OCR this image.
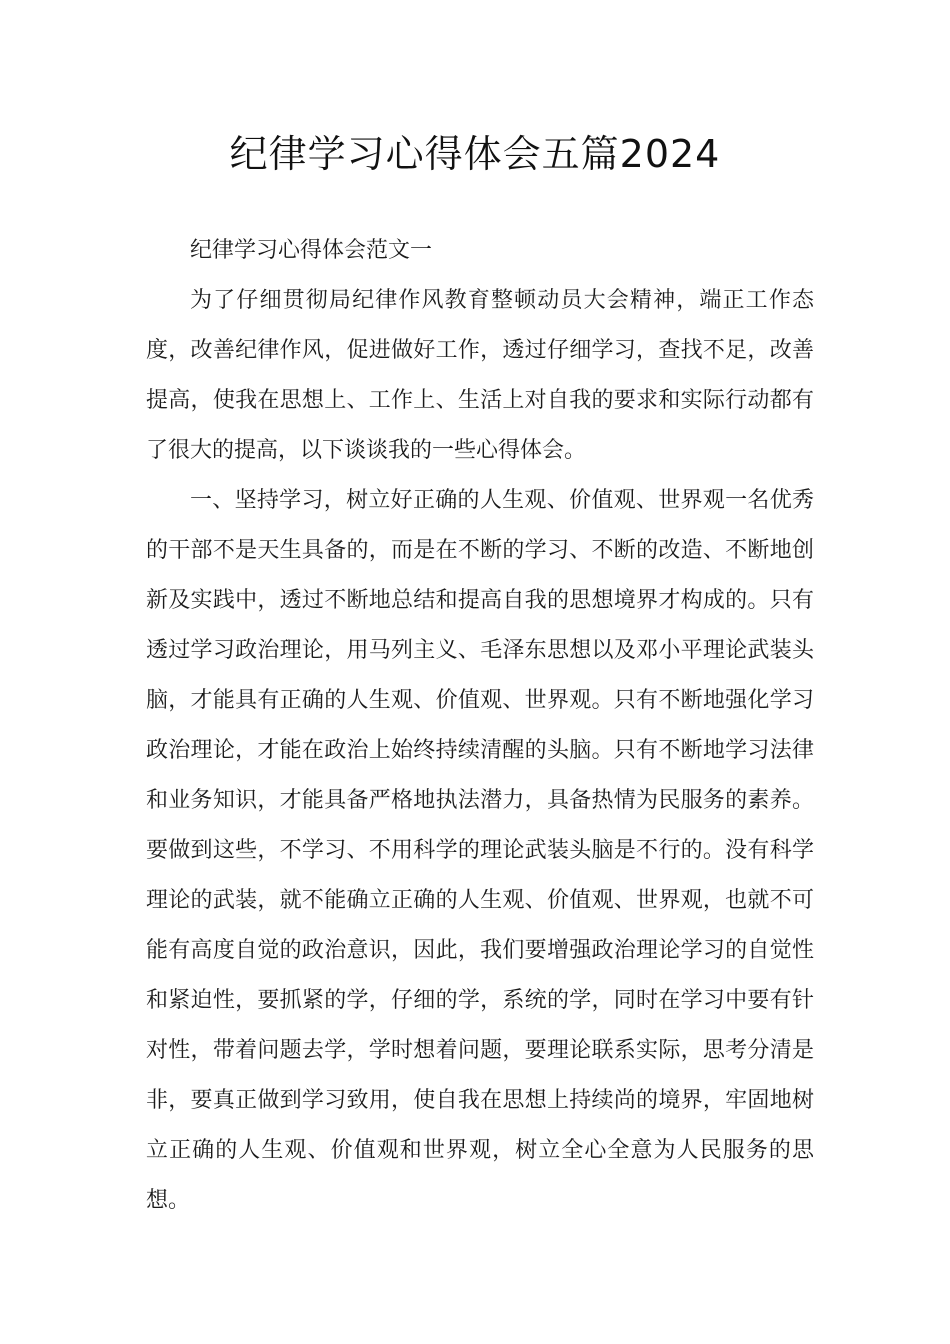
纪律学习心得体会五篇2024

纪律学习心得体会范文一

为了仔细贯彻局纪律作风教育整顿动员大会精神，端正工作态度，改善纪律作风，促进做好工作，透过仔细学习，查找不足，改善提高，使我在思想上、工作上、生活上对自我的要求和实际行动都有了很大的提高，以下谈谈我的一些心得体会。

一、坚持学习，树立好正确的人生观、价值观、世界观一名优秀的干部不是天生具备的，而是在不断的学习、不断的改造、不断地创新及实践中，透过不断地总结和提高自我的思想境界才构成的。只有透过学习政治理论，用马列主义、毛泽东思想以及邓小平理论武装头脑，才能具有正确的人生观、价值观、世界观。只有不断地强化学习政治理论，才能在政治上始终持续清醒的头脑。只有不断地学习法律和业务知识，才能具备严格地执法潜力，具备热情为民服务的素养。要做到这些，不学习、不用科学的理论武装头脑是不行的。没有科学理论的武装，就不能确立正确的人生观、价值观、世界观，也就不可能有高度自觉的政治意识，因此，我们要增强政治理论学习的自觉性和紧迫性，要抓紧的学，仔细的学，系统的学，同时在学习中要有针对性，带着问题去学，学时想着问题，要理论联系实际，思考分清是非，要真正做到学习致用，使自我在思想上持续尚的境界，牢固地树立正确的人生观、价值观和世界观，树立全心全意为人民服务的思想。
